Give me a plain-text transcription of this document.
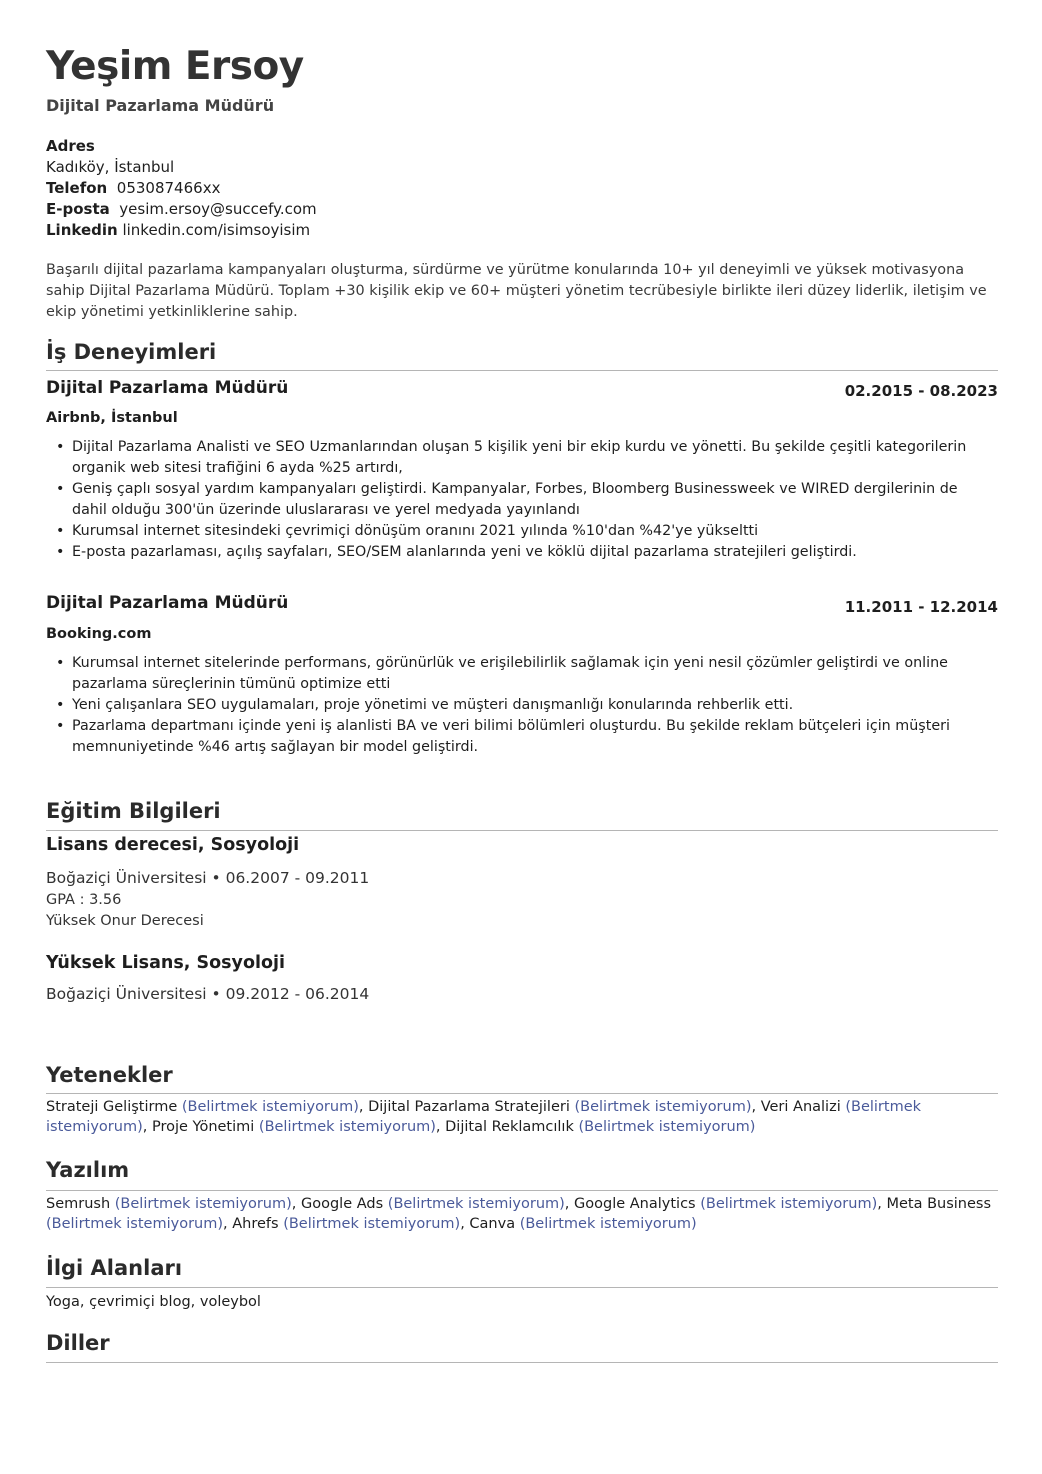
Yeşim Ersoy
Dijital Pazarlama Müdürü
Adres
Kadıköy, İstanbul
Telefon 053087466xx
E-posta yesim.ersoy@succefy.com
Linkedin linkedin.com/isimsoyisim
Başarılı dijital pazarlama kampanyaları oluşturma, sürdürme ve yürütme konularında 10+ yıl deneyimli ve yüksek motivasyona sahip Dijital Pazarlama Müdürü. Toplam +30 kişilik ekip ve 60+ müşteri yönetim tecrübesiyle birlikte ileri düzey liderlik, iletişim ve ekip yönetimi yetkinliklerine sahip.
İş Deneyimleri
Dijital Pazarlama Müdürü	02.2015 - 08.2023
Airbnb, İstanbul
• Dijital Pazarlama Analisti ve SEO Uzmanlarından oluşan 5 kişilik yeni bir ekip kurdu ve yönetti. Bu şekilde çeşitli kategorilerin organik web sitesi trafiğini 6 ayda %25 artırdı,
• Geniş çaplı sosyal yardım kampanyaları geliştirdi. Kampanyalar, Forbes, Bloomberg Businessweek ve WIRED dergilerinin de dahil olduğu 300'ün üzerinde uluslararası ve yerel medyada yayınlandı
• Kurumsal internet sitesindeki çevrimiçi dönüşüm oranını 2021 yılında %10'dan %42'ye yükseltti
• E-posta pazarlaması, açılış sayfaları, SEO/SEM alanlarında yeni ve köklü dijital pazarlama stratejileri geliştirdi.
Dijital Pazarlama Müdürü	11.2011 - 12.2014
Booking.com
• Kurumsal internet sitelerinde performans, görünürlük ve erişilebilirlik sağlamak için yeni nesil çözümler geliştirdi ve online pazarlama süreçlerinin tümünü optimize etti
• Yeni çalışanlara SEO uygulamaları, proje yönetimi ve müşteri danışmanlığı konularında rehberlik etti.
• Pazarlama departmanı içinde yeni iş alanlisti BA ve veri bilimi bölümleri oluşturdu. Bu şekilde reklam bütçeleri için müşteri memnuniyetinde %46 artış sağlayan bir model geliştirdi.
Eğitim Bilgileri
Lisans derecesi, Sosyoloji
Boğaziçi Üniversitesi • 06.2007 - 09.2011
GPA : 3.56
Yüksek Onur Derecesi
Yüksek Lisans, Sosyoloji
Boğaziçi Üniversitesi • 09.2012 - 06.2014
Yetenekler
Strateji Geliştirme (Belirtmek istemiyorum), Dijital Pazarlama Stratejileri (Belirtmek istemiyorum), Veri Analizi (Belirtmek istemiyorum), Proje Yönetimi (Belirtmek istemiyorum), Dijital Reklamcılık (Belirtmek istemiyorum)
Yazılım
Semrush (Belirtmek istemiyorum), Google Ads (Belirtmek istemiyorum), Google Analytics (Belirtmek istemiyorum), Meta Business (Belirtmek istemiyorum), Ahrefs (Belirtmek istemiyorum), Canva (Belirtmek istemiyorum)
İlgi Alanları
Yoga, çevrimiçi blog, voleybol
Diller
